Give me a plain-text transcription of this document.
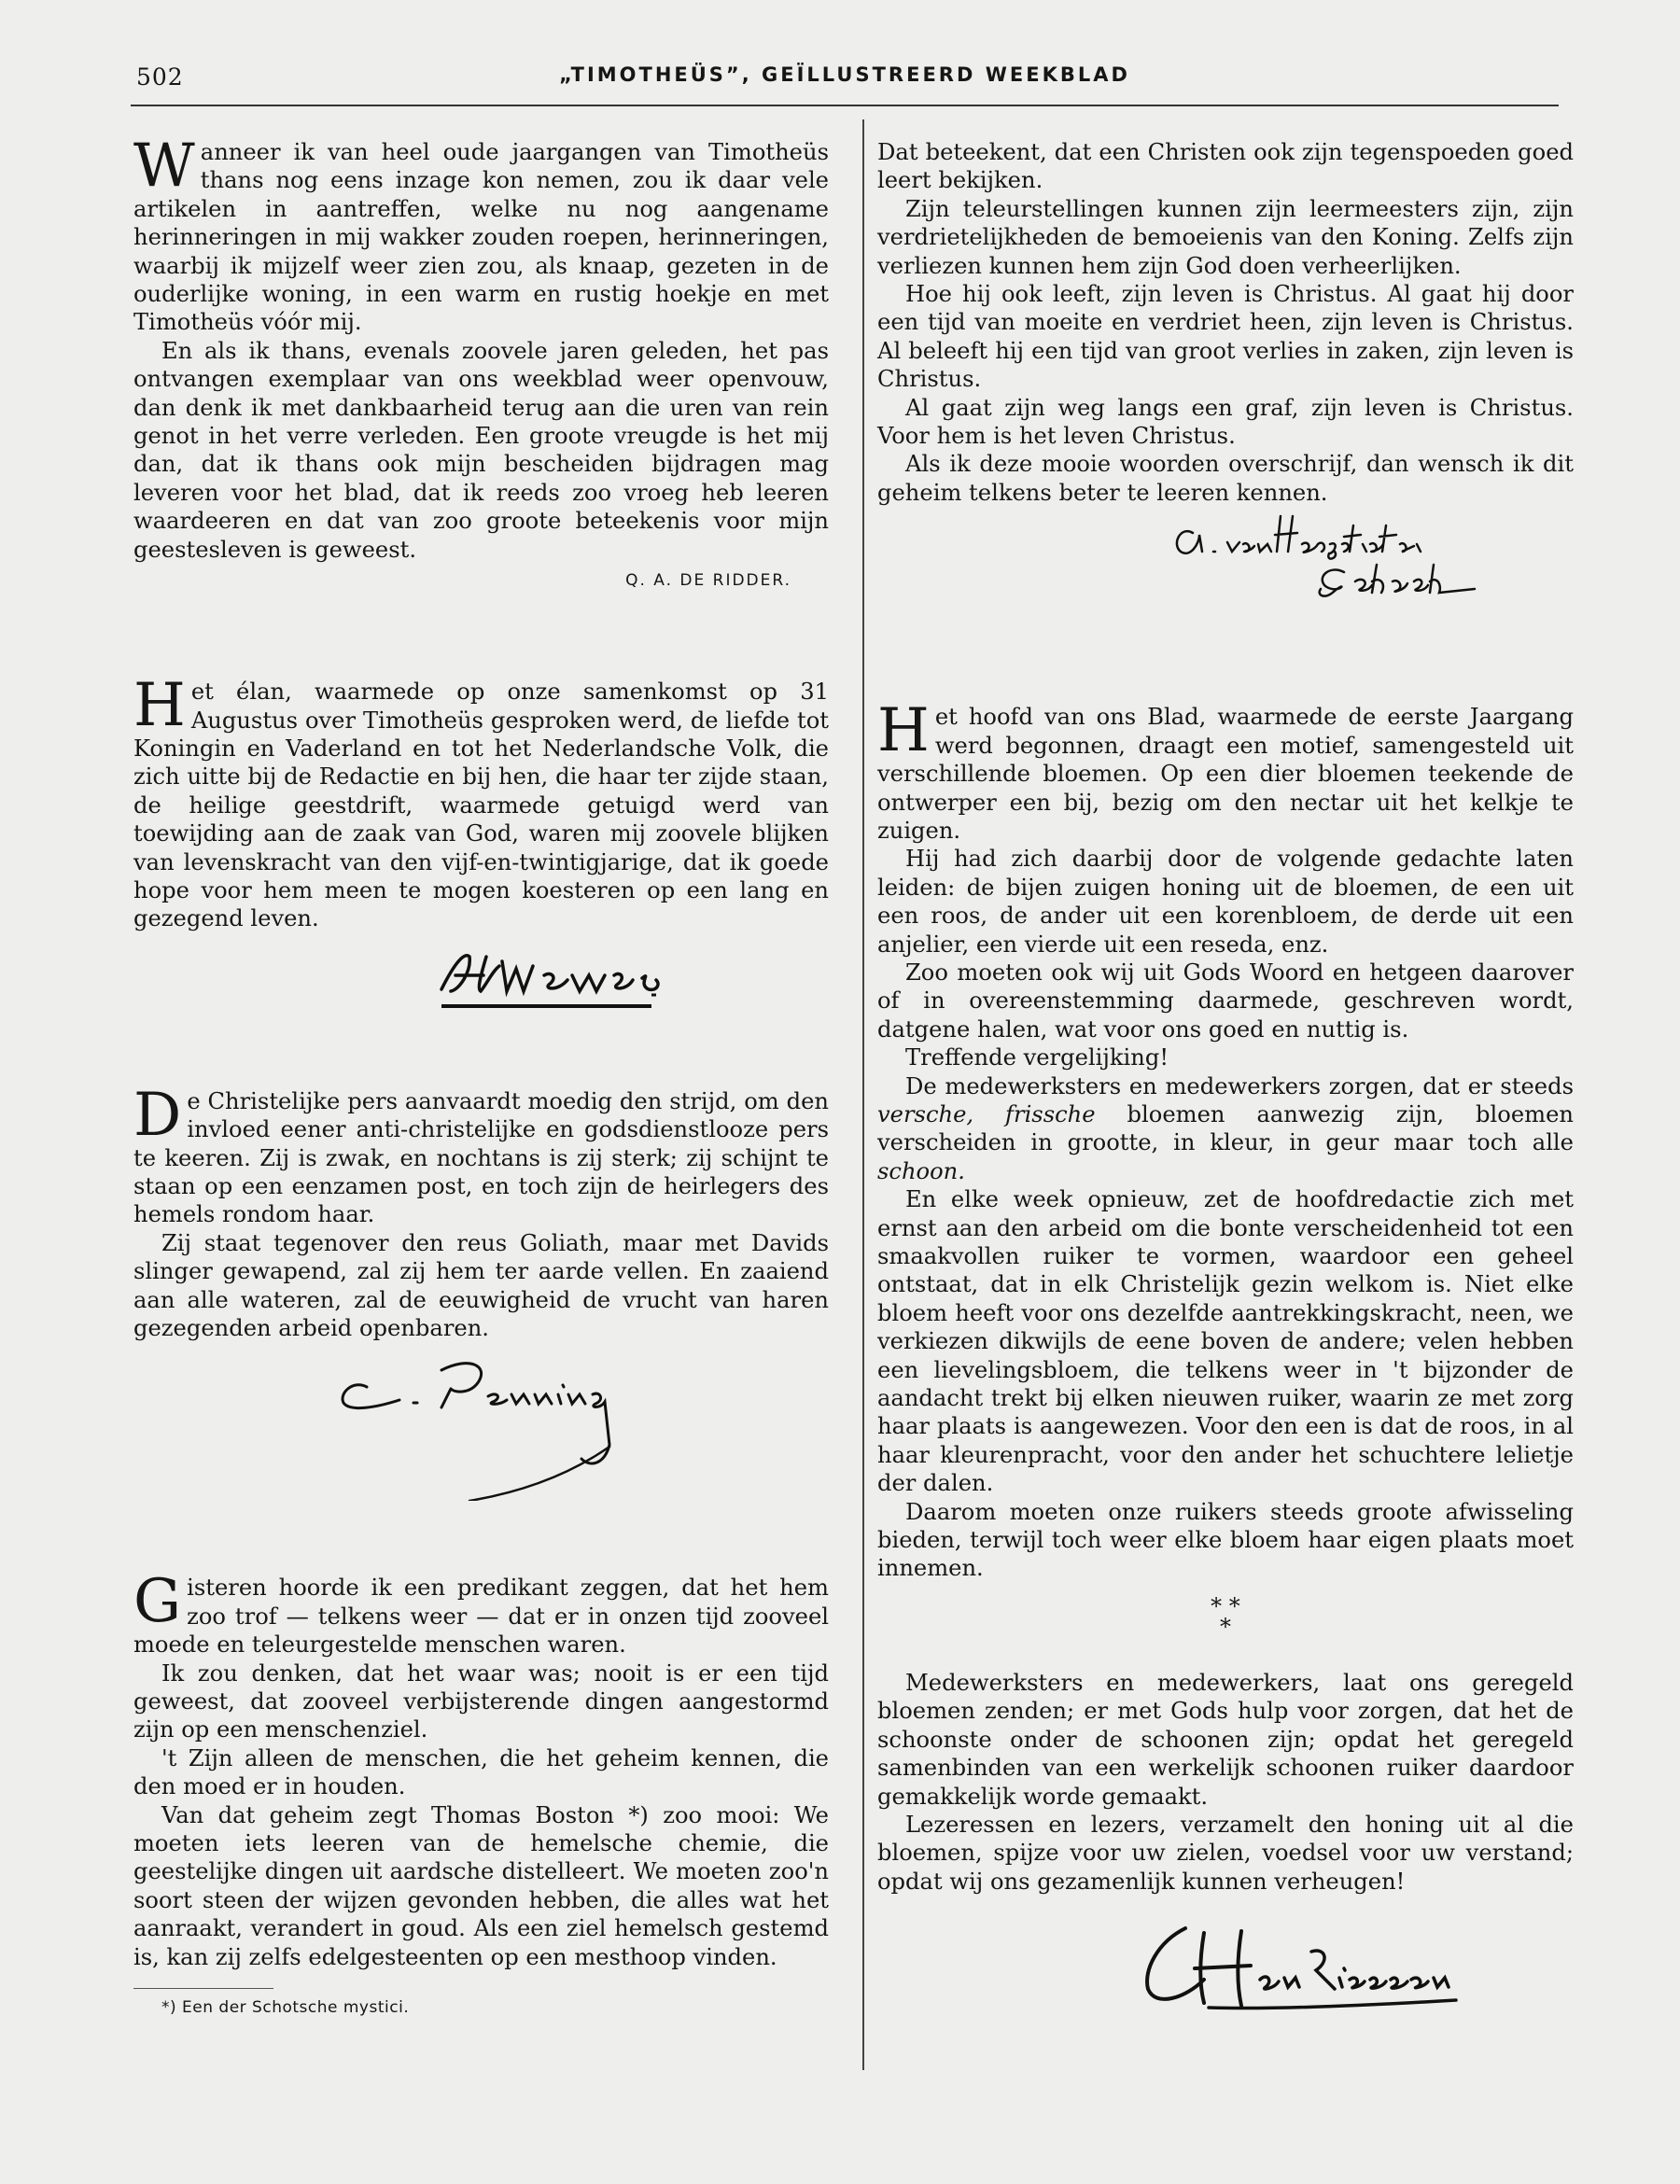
502	„TIMOTHEÜS”, GEÏLLUSTREERD WEEKBLAD

Wanneer ik van heel oude jaargangen van Timotheüs thans nog eens inzage kon nemen, zou ik daar vele artikelen in aantreffen, welke nu nog aangename herinneringen in mij wakker zouden roepen, herinneringen, waarbij ik mijzelf weer zien zou, als knaap, gezeten in de ouderlijke woning, in een warm en rustig hoekje en met Timotheüs vóór mij.

En als ik thans, evenals zoovele jaren geleden, het pas ontvangen exemplaar van ons weekblad weer openvouw, dan denk ik met dankbaarheid terug aan die uren van rein genot in het verre verleden. Een groote vreugde is het mij dan, dat ik thans ook mijn bescheiden bijdragen mag leveren voor het blad, dat ik reeds zoo vroeg heb leeren waardeeren en dat van zoo groote beteekenis voor mijn geestesleven is geweest.

Q. A. DE RIDDER.

Het élan, waarmede op onze samenkomst op 31 Augustus over Timotheüs gesproken werd, de liefde tot Koningin en Vaderland en tot het Nederlandsche Volk, die zich uitte bij de Redactie en bij hen, die haar ter zijde staan, de heilige geestdrift, waarmede getuigd werd van toewijding aan de zaak van God, waren mij zoovele blijken van levenskracht van den vijf-en-twintigjarige, dat ik goede hope voor hem meen te mogen koesteren op een lang en gezegend leven.

De Christelijke pers aanvaardt moedig den strijd, om den invloed eener anti-christelijke en godsdienstlooze pers te keeren. Zij is zwak, en nochtans is zij sterk; zij schijnt te staan op een eenzamen post, en toch zijn de heirlegers des hemels rondom haar.

Zij staat tegenover den reus Goliath, maar met Davids slinger gewapend, zal zij hem ter aarde vellen. En zaaiend aan alle wateren, zal de eeuwigheid de vrucht van haren gezegenden arbeid openbaren.

Gisteren hoorde ik een predikant zeggen, dat het hem zoo trof — telkens weer — dat er in onzen tijd zooveel moede en teleurgestelde menschen waren.

Ik zou denken, dat het waar was; nooit is er een tijd geweest, dat zooveel verbijsterende dingen aangestormd zijn op een menschenziel.

't Zijn alleen de menschen, die het geheim kennen, die den moed er in houden.

Van dat geheim zegt Thomas Boston *) zoo mooi: We moeten iets leeren van de hemelsche chemie, die geestelijke dingen uit aardsche distelleert. We moeten zoo'n soort steen der wijzen gevonden hebben, die alles wat het aanraakt, verandert in goud. Als een ziel hemelsch gestemd is, kan zij zelfs edelgesteenten op een mesthoop vinden.

*) Een der Schotsche mystici.

Dat beteekent, dat een Christen ook zijn tegenspoeden goed leert bekijken.

Zijn teleurstellingen kunnen zijn leermeesters zijn, zijn verdrietelijkheden de bemoeienis van den Koning. Zelfs zijn verliezen kunnen hem zijn God doen verheerlijken.

Hoe hij ook leeft, zijn leven is Christus. Al gaat hij door een tijd van moeite en verdriet heen, zijn leven is Christus. Al beleeft hij een tijd van groot verlies in zaken, zijn leven is Christus.

Al gaat zijn weg langs een graf, zijn leven is Christus. Voor hem is het leven Christus.

Als ik deze mooie woorden overschrijf, dan wensch ik dit geheim telkens beter te leeren kennen.

Het hoofd van ons Blad, waarmede de eerste Jaargang werd begonnen, draagt een motief, samengesteld uit verschillende bloemen. Op een dier bloemen teekende de ontwerper een bij, bezig om den nectar uit het kelkje te zuigen.

Hij had zich daarbij door de volgende gedachte laten leiden: de bijen zuigen honing uit de bloemen, de een uit een roos, de ander uit een korenbloem, de derde uit een anjelier, een vierde uit een reseda, enz.

Zoo moeten ook wij uit Gods Woord en hetgeen daarover of in overeenstemming daarmede, geschreven wordt, datgene halen, wat voor ons goed en nuttig is.

Treffende vergelijking!

De medewerksters en medewerkers zorgen, dat er steeds versche, frissche bloemen aanwezig zijn, bloemen verscheiden in grootte, in kleur, in geur maar toch alle schoon.

En elke week opnieuw, zet de hoofdredactie zich met ernst aan den arbeid om die bonte verscheidenheid tot een smaakvollen ruiker te vormen, waardoor een geheel ontstaat, dat in elk Christelijk gezin welkom is. Niet elke bloem heeft voor ons dezelfde aantrekkingskracht, neen, we verkiezen dikwijls de eene boven de andere; velen hebben een lievelingsbloem, die telkens weer in 't bijzonder de aandacht trekt bij elken nieuwen ruiker, waarin ze met zorg haar plaats is aangewezen. Voor den een is dat de roos, in al haar kleurenpracht, voor den ander het schuchtere lelietje der dalen.

Daarom moeten onze ruikers steeds groote afwisseling bieden, terwijl toch weer elke bloem haar eigen plaats moet innemen.

* *
*

Medewerksters en medewerkers, laat ons geregeld bloemen zenden; er met Gods hulp voor zorgen, dat het de schoonste onder de schoonen zijn; opdat het geregeld samenbinden van een werkelijk schoonen ruiker daardoor gemakkelijk worde gemaakt.

Lezeressen en lezers, verzamelt den honing uit al die bloemen, spijze voor uw zielen, voedsel voor uw verstand; opdat wij ons gezamenlijk kunnen verheugen!
